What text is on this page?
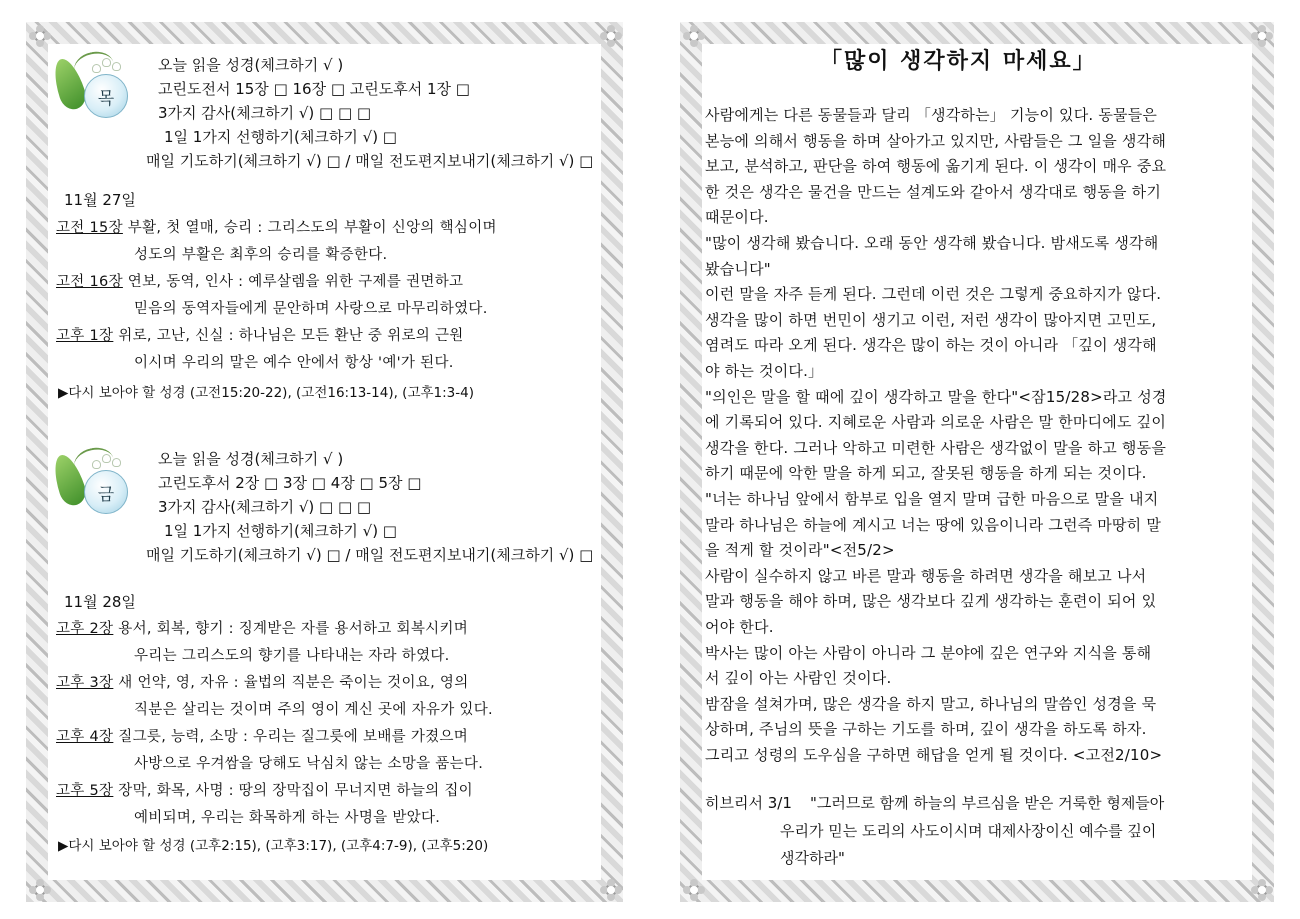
목
오늘 읽을 성경(체크하기 √ )
고린도전서 15장 □ 16장 □ 고린도후서 1장 □
3가지 감사(체크하기 √) □ □ □
1일 1가지 선행하기(체크하기 √) □
매일 기도하기(체크하기 √) □ / 매일 전도편지보내기(체크하기 √) □
11월 27일
고전 15장 부활, 첫 열매, 승리 : 그리스도의 부활이 신앙의 핵심이며
성도의 부활은 최후의 승리를 확증한다.
고전 16장 연보, 동역, 인사 : 예루살렘을 위한 구제를 권면하고
믿음의 동역자들에게 문안하며 사랑으로 마무리하였다.
고후 1장 위로, 고난, 신실 : 하나님은 모든 환난 중 위로의 근원
이시며 우리의 말은 예수 안에서 항상 '예'가 된다.
▶다시 보아야 할 성경 (고전15:20-22), (고전16:13-14), (고후1:3-4)
금
오늘 읽을 성경(체크하기 √ )
고린도후서 2장 □ 3장 □ 4장 □ 5장 □
3가지 감사(체크하기 √) □ □ □
1일 1가지 선행하기(체크하기 √) □
매일 기도하기(체크하기 √) □ / 매일 전도편지보내기(체크하기 √) □
11월 28일
고후 2장 용서, 회복, 향기 : 징계받은 자를 용서하고 회복시키며
우리는 그리스도의 향기를 나타내는 자라 하였다.
고후 3장 새 언약, 영, 자유 : 율법의 직분은 죽이는 것이요, 영의
직분은 살리는 것이며 주의 영이 계신 곳에 자유가 있다.
고후 4장 질그릇, 능력, 소망 : 우리는 질그릇에 보배를 가졌으며
사방으로 우겨쌈을 당해도 낙심치 않는 소망을 품는다.
고후 5장 장막, 화목, 사명 : 땅의 장막집이 무너지면 하늘의 집이
예비되며, 우리는 화목하게 하는 사명을 받았다.
▶다시 보아야 할 성경 (고후2:15), (고후3:17), (고후4:7-9), (고후5:20)
「많이 생각하지 마세요」
사람에게는 다른 동물들과 달리 「생각하는」 기능이 있다. 동물들은
본능에 의해서 행동을 하며 살아가고 있지만, 사람들은 그 일을 생각해
보고, 분석하고, 판단을 하여 행동에 옮기게 된다. 이 생각이 매우 중요
한 것은 생각은 물건을 만드는 설계도와 같아서 생각대로 행동을 하기
때문이다.
"많이 생각해 봤습니다. 오래 동안 생각해 봤습니다. 밤새도록 생각해
봤습니다"
이런 말을 자주 듣게 된다. 그런데 이런 것은 그렇게 중요하지가 않다.
생각을 많이 하면 번민이 생기고 이런, 저런 생각이 많아지면 고민도,
염려도 따라 오게 된다. 생각은 많이 하는 것이 아니라 「깊이 생각해
야 하는 것이다.」
"의인은 말을 할 때에 깊이 생각하고 말을 한다"<잠15/28>라고 성경
에 기록되어 있다. 지혜로운 사람과 의로운 사람은 말 한마디에도 깊이
생각을 한다. 그러나 악하고 미련한 사람은 생각없이 말을 하고 행동을
하기 때문에 악한 말을 하게 되고, 잘못된 행동을 하게 되는 것이다.
"너는 하나님 앞에서 함부로 입을 열지 말며 급한 마음으로 말을 내지
말라 하나님은 하늘에 계시고 너는 땅에 있음이니라 그런즉 마땅히 말
을 적게 할 것이라"<전5/2>
사람이 실수하지 않고 바른 말과 행동을 하려면 생각을 해보고 나서
말과 행동을 해야 하며, 많은 생각보다 깊게 생각하는 훈련이 되어 있
어야 한다.
박사는 많이 아는 사람이 아니라 그 분야에 깊은 연구와 지식을 통해
서 깊이 아는 사람인 것이다.
밤잠을 설쳐가며, 많은 생각을 하지 말고, 하나님의 말씀인 성경을 묵
상하며, 주님의 뜻을 구하는 기도를 하며, 깊이 생각을 하도록 하자.
그리고 성령의 도우심을 구하면 해답을 얻게 될 것이다. <고전2/10>
히브리서 3/1 "그러므로 함께 하늘의 부르심을 받은 거룩한 형제들아
우리가 믿는 도리의 사도이시며 대제사장이신 예수를 깊이
생각하라"
